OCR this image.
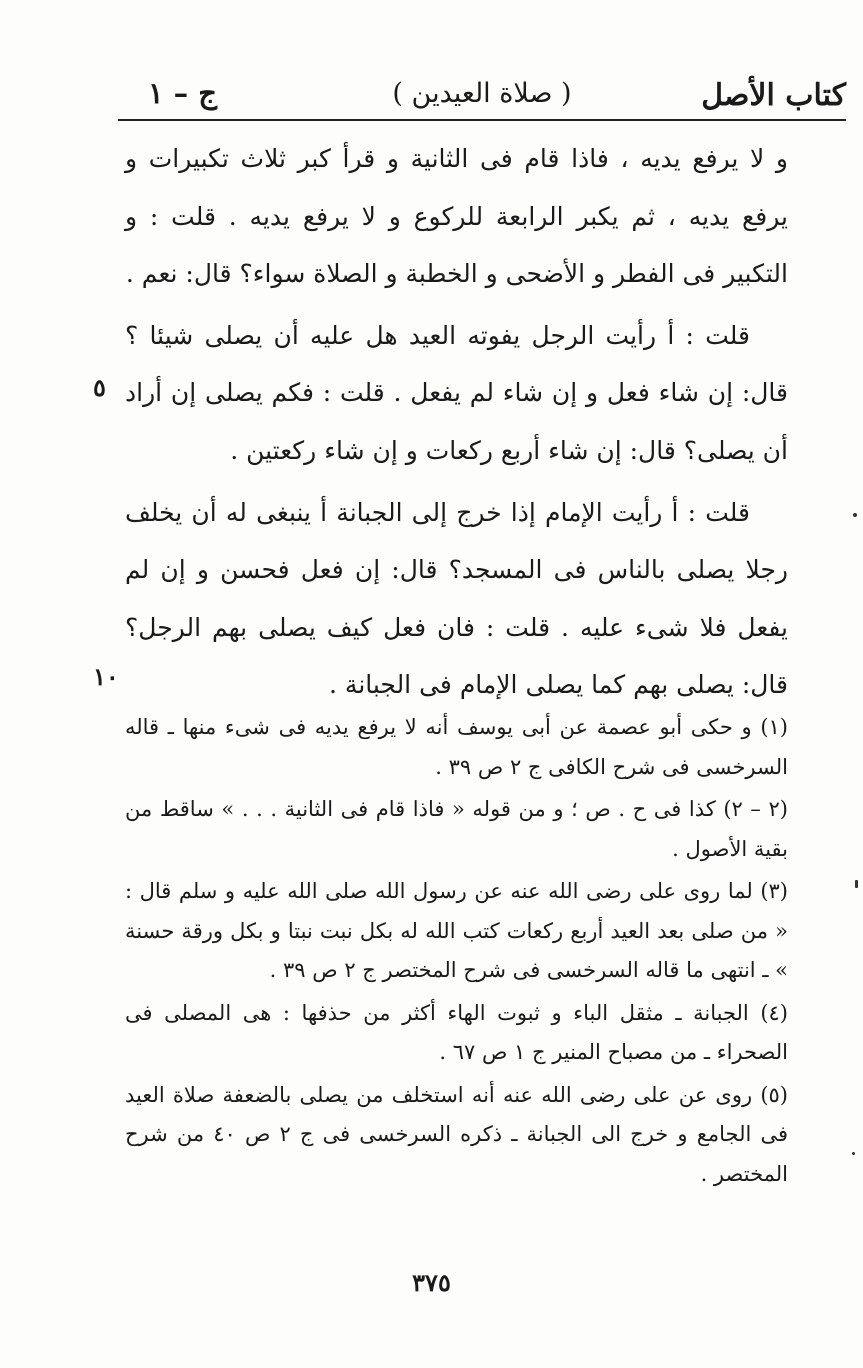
كتاب الأصل
( صلاة العيدين )
ج – ١

و لا يرفع يديه ، فاذا قام فى الثانية و قرأ كبر ثلاث تكبيرات و يرفع يديه ، ثم يكبر الرابعة للركوع و لا يرفع يديه . قلت : و التكبير فى الفطر و الأضحى و الخطبة و الصلاة سواء؟ قال: نعم .

قلت : أ رأيت الرجل يفوته العيد هل عليه أن يصلى شيئا ؟ قال: إن شاء فعل و إن شاء لم يفعل . قلت : فكم يصلى إن أراد أن يصلى؟ قال: إن شاء أربع ركعات و إن شاء ركعتين .

قلت : أ رأيت الإمام إذا خرج إلى الجبانة أ ينبغى له أن يخلف رجلا يصلى بالناس فى المسجد؟ قال: إن فعل فحسن و إن لم يفعل فلا شىء عليه . قلت : فان فعل كيف يصلى بهم الرجل؟ قال: يصلى بهم كما يصلى الإمام فى الجبانة .

٥
١٠

(١) و حكى أبو عصمة عن أبى يوسف أنه لا يرفع يديه فى شىء منها ـ قاله السرخسى فى شرح الكافى ج ٢ ص ٣٩ .

(٢ – ٢) كذا فى ح . ص ؛ و من قوله « فاذا قام فى الثانية . . . » ساقط من بقية الأصول .

(٣) لما روى على رضى الله عنه عن رسول الله صلى الله عليه و سلم قال : « من صلى بعد العيد أربع ركعات كتب الله له بكل نبت نبتا و بكل ورقة حسنة » ـ انتهى ما قاله السرخسى فى شرح المختصر ج ٢ ص ٣٩ .

(٤) الجبانة ـ مثقل الباء و ثبوت الهاء أكثر من حذفها : هى المصلى فى الصحراء ـ من مصباح المنير ج ١ ص ٦٧ .

(٥) روى عن على رضى الله عنه أنه استخلف من يصلى بالضعفة صلاة العيد فى الجامع و خرج الى الجبانة ـ ذكره السرخسى فى ج ٢ ص ٤٠ من شرح المختصر .

٣٧٥
